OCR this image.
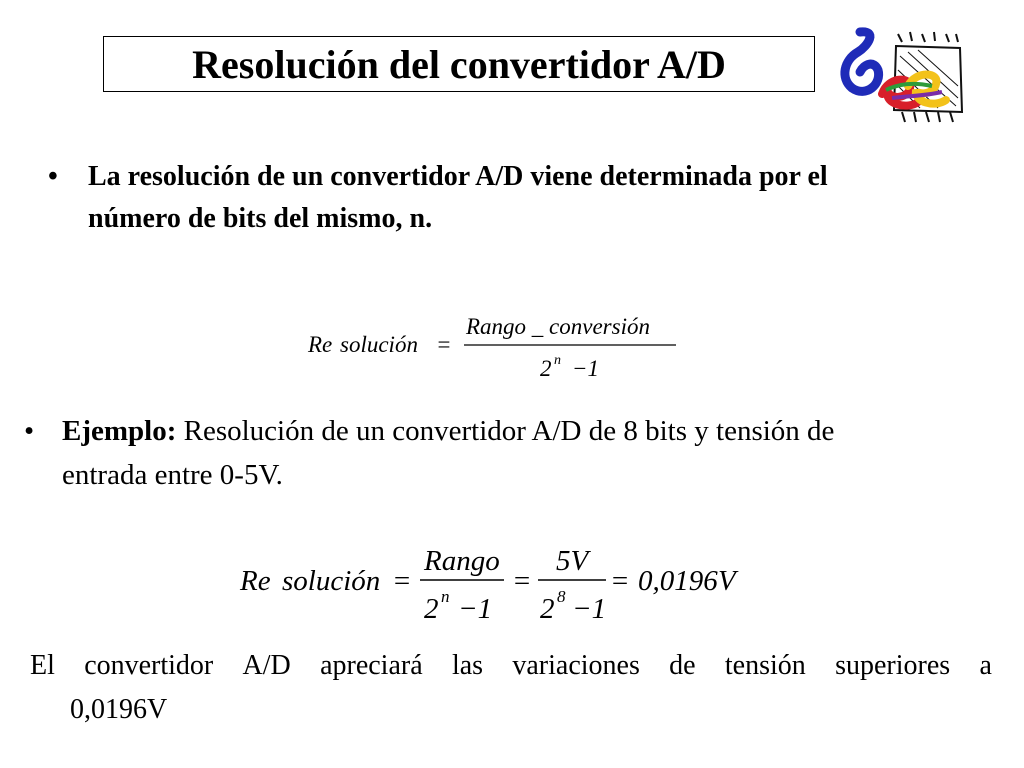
Resolución del convertidor A/D
• La resolución de un convertidor A/D viene determinada por el
número de bits del mismo, n.
Re solución =
Rango _ conversión
2 n −1
• Ejemplo: Resolución de un convertidor A/D de 8 bits y tensión de
entrada entre 0-5V.
Re solución =
Rango
2 n −1
=
5V
2 8 −1
= 0,0196 V
El convertidor A/D apreciará las variaciones de tensión superiores a
0,0196V
